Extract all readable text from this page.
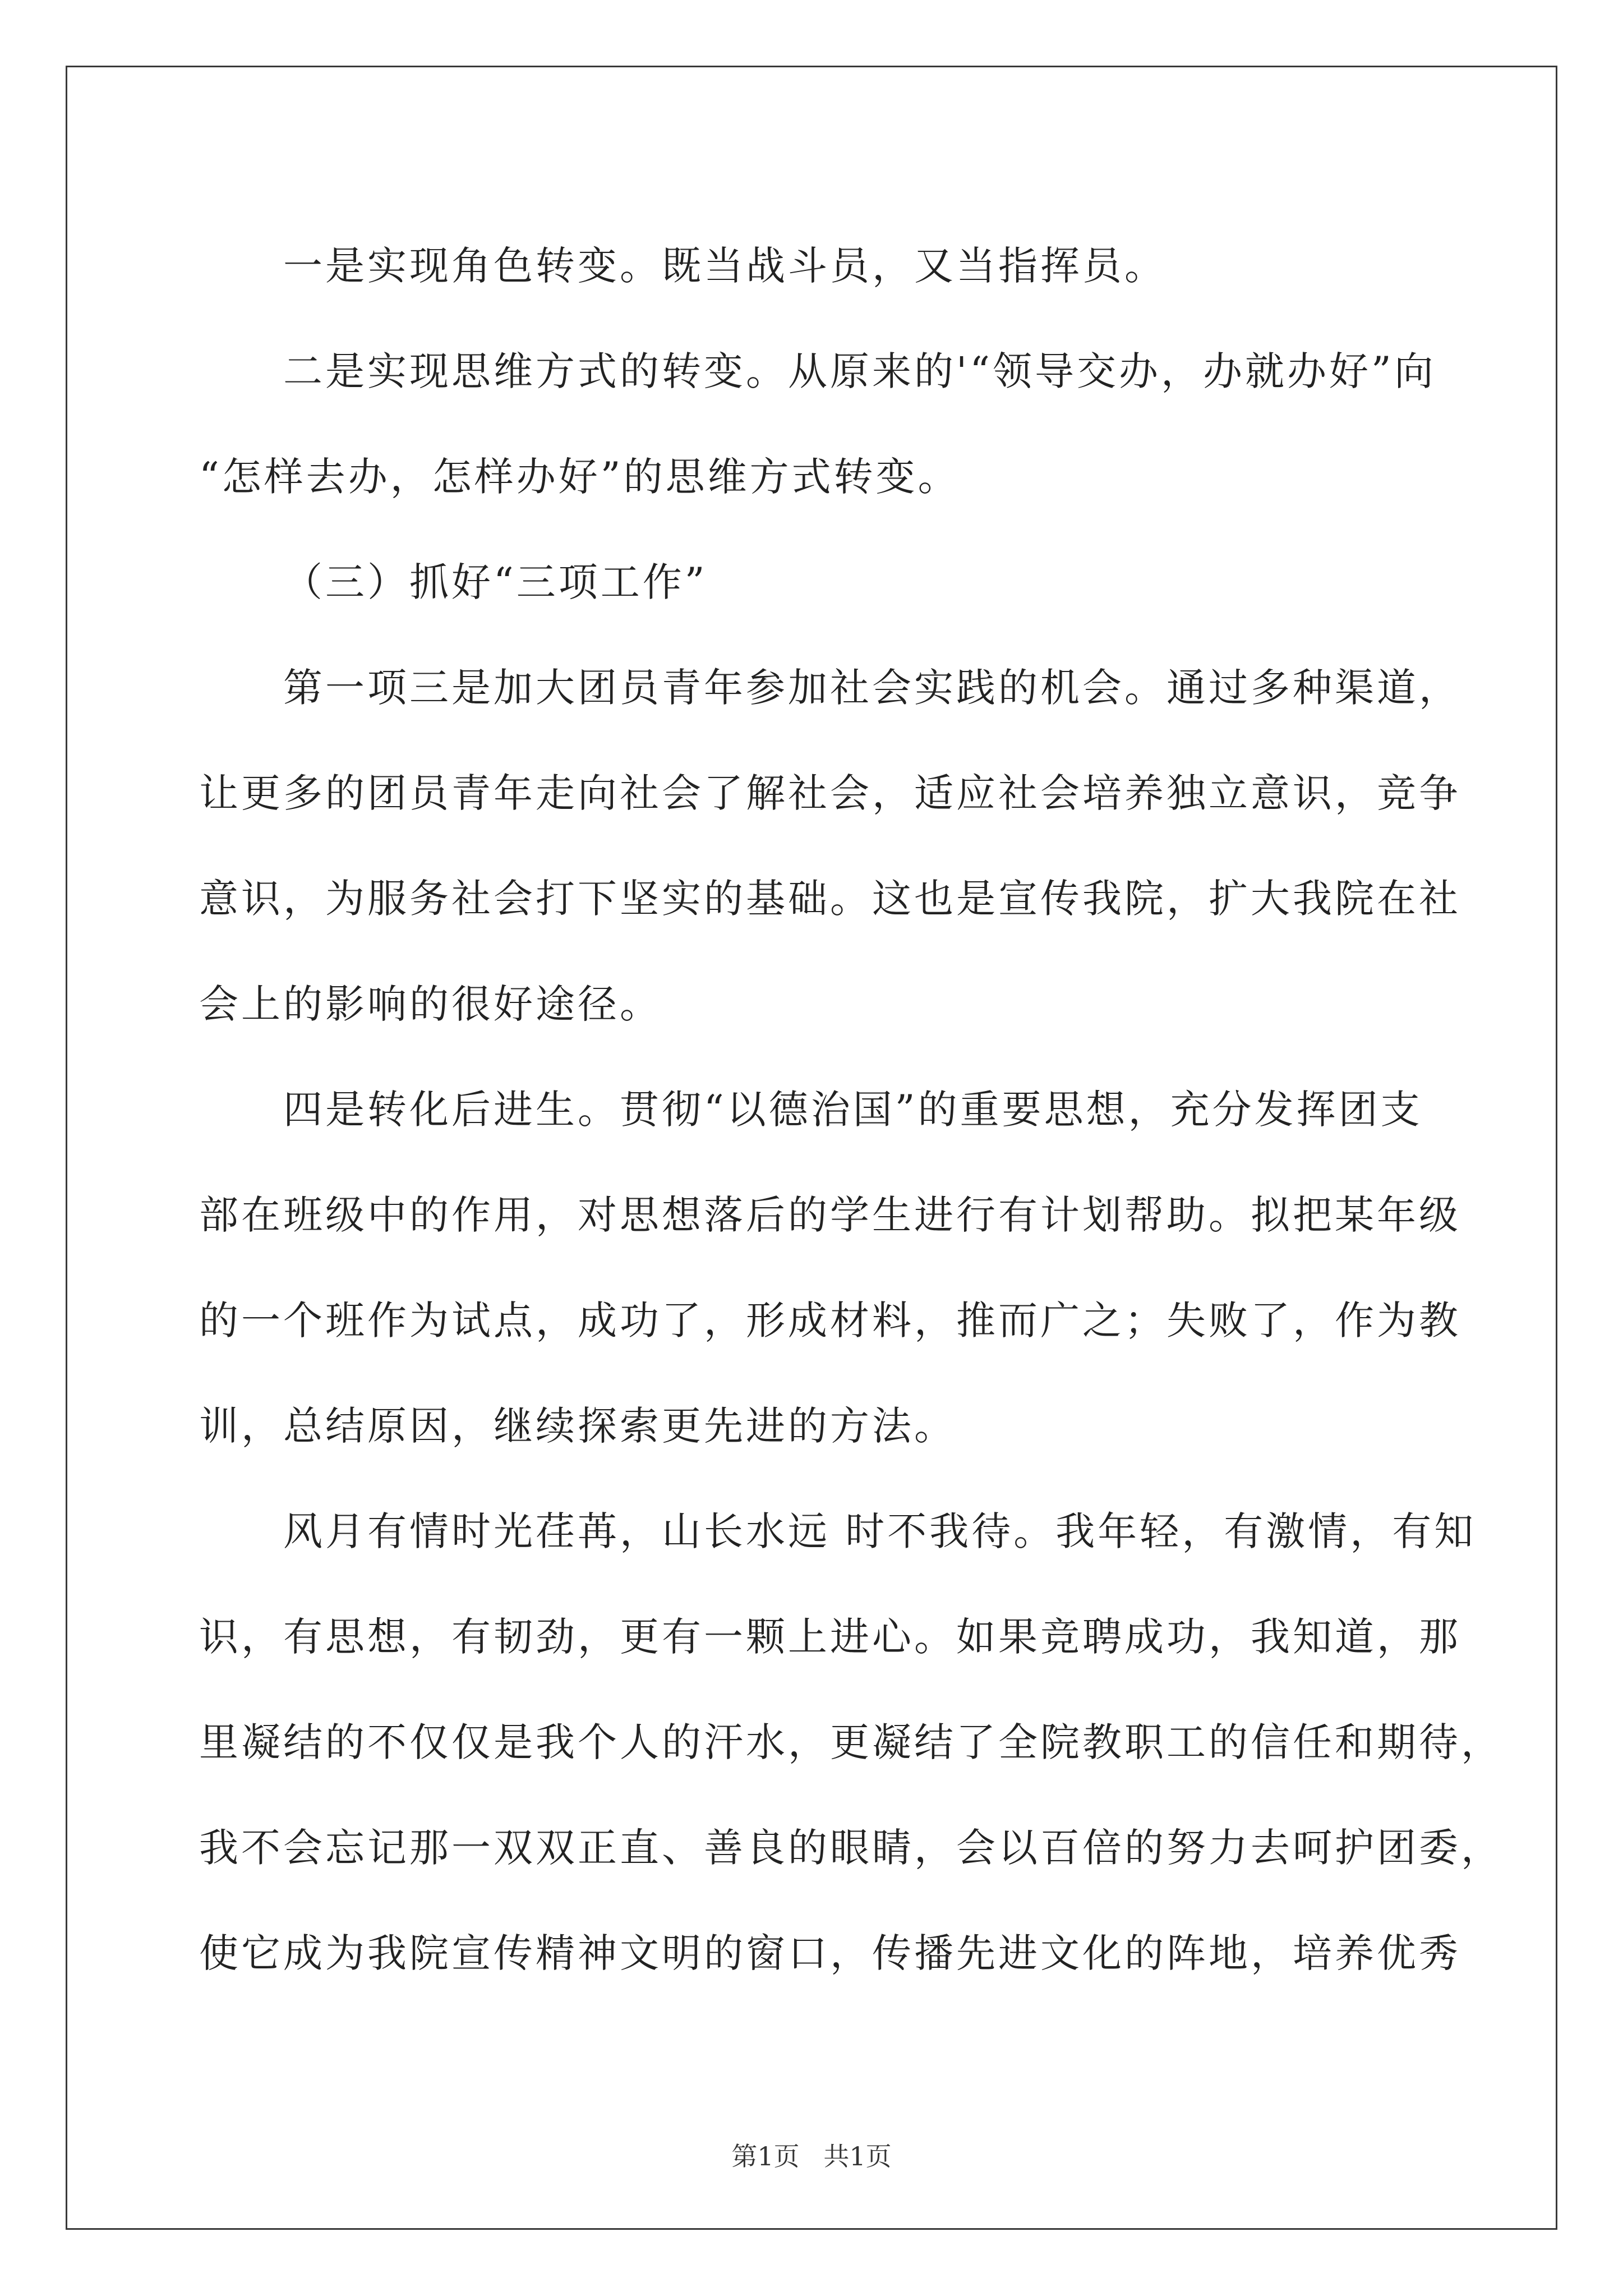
一是实现角色转变。既当战斗员，又当指挥员。

二是实现思维方式的转变。从原来的'“领导交办，办就办好”向
“怎样去办，怎样办好”的思维方式转变。

（三）抓好“三项工作”

第一项三是加大团员青年参加社会实践的机会。通过多种渠道，
让更多的团员青年走向社会了解社会，适应社会培养独立意识，竞争
意识，为服务社会打下坚实的基础。这也是宣传我院，扩大我院在社
会上的影响的很好途径。

四是转化后进生。贯彻“以德治国”的重要思想，充分发挥团支
部在班级中的作用，对思想落后的学生进行有计划帮助。拟把某年级
的一个班作为试点，成功了，形成材料，推而广之；失败了，作为教
训，总结原因，继续探索更先进的方法。

风月有情时光荏苒，山长水远 时不我待。我年轻，有激情，有知
识，有思想，有韧劲，更有一颗上进心。如果竞聘成功，我知道，那
里凝结的不仅仅是我个人的汗水，更凝结了全院教职工的信任和期待，
我不会忘记那一双双正直、善良的眼睛，会以百倍的努力去呵护团委，
使它成为我院宣传精神文明的窗口，传播先进文化的阵地，培养优秀

第1页 共1页
